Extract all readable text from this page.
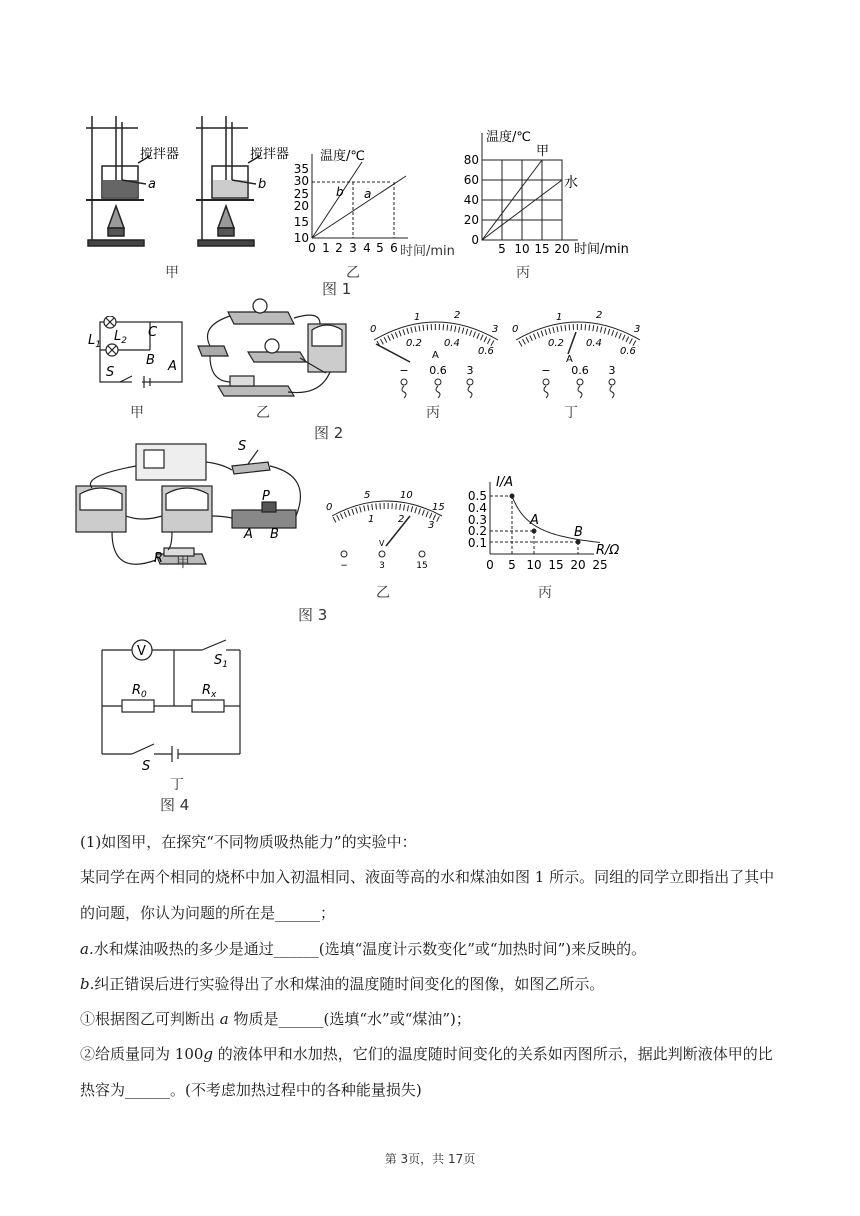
搅拌器
a
搅拌器
b
甲
10
15
20
25
30
35
0 1 2 3 4 5 6
温度/℃
b a
时间/min
乙
0
20
40
60
80
温度/℃
甲
水
5 10 15 20 时间/min
丙
图 1
$L_2$
$L_1$
C
B A
S
甲	乙
0
1	2
3
0.2 0.4
0.6
A
− 0.6 3
丙
0
1	2
3
0.2 0.4
0.6
A
− 0.6 3
丁
图 2
S
P
A B
R 甲
0
5	10
15
1 2
3
V
−	3	15
乙
0.1
0.2
0.3
0.4
0.5
0 5 10 15 20 25
I/A
R/Ω
A
B
丙
图 3
V
$S_1$
$R_0$	$R_x$
S
丁
图 4
(1)如图甲，在探究“不同物质吸热能力”的实验中：
某同学在两个相同的烧杯中加入初温相同、液面等高的水和煤油如图 1 所示。同组的同学立即指出了其中
的问题，你认为问题的所在是______；
a.水和煤油吸热的多少是通过______(选填“温度计示数变化”或“加热时间”)来反映的。
b.纠正错误后进行实验得出了水和煤油的温度随时间变化的图像，如图乙所示。
①根据图乙可判断出 a 物质是______(选填“水”或“煤油”)；
②给质量同为 100g 的液体甲和水加热，它们的温度随时间变化的关系如丙图所示，据此判断液体甲的比
热容为______。(不考虑加热过程中的各种能量损失)
第 3页，共 17页
